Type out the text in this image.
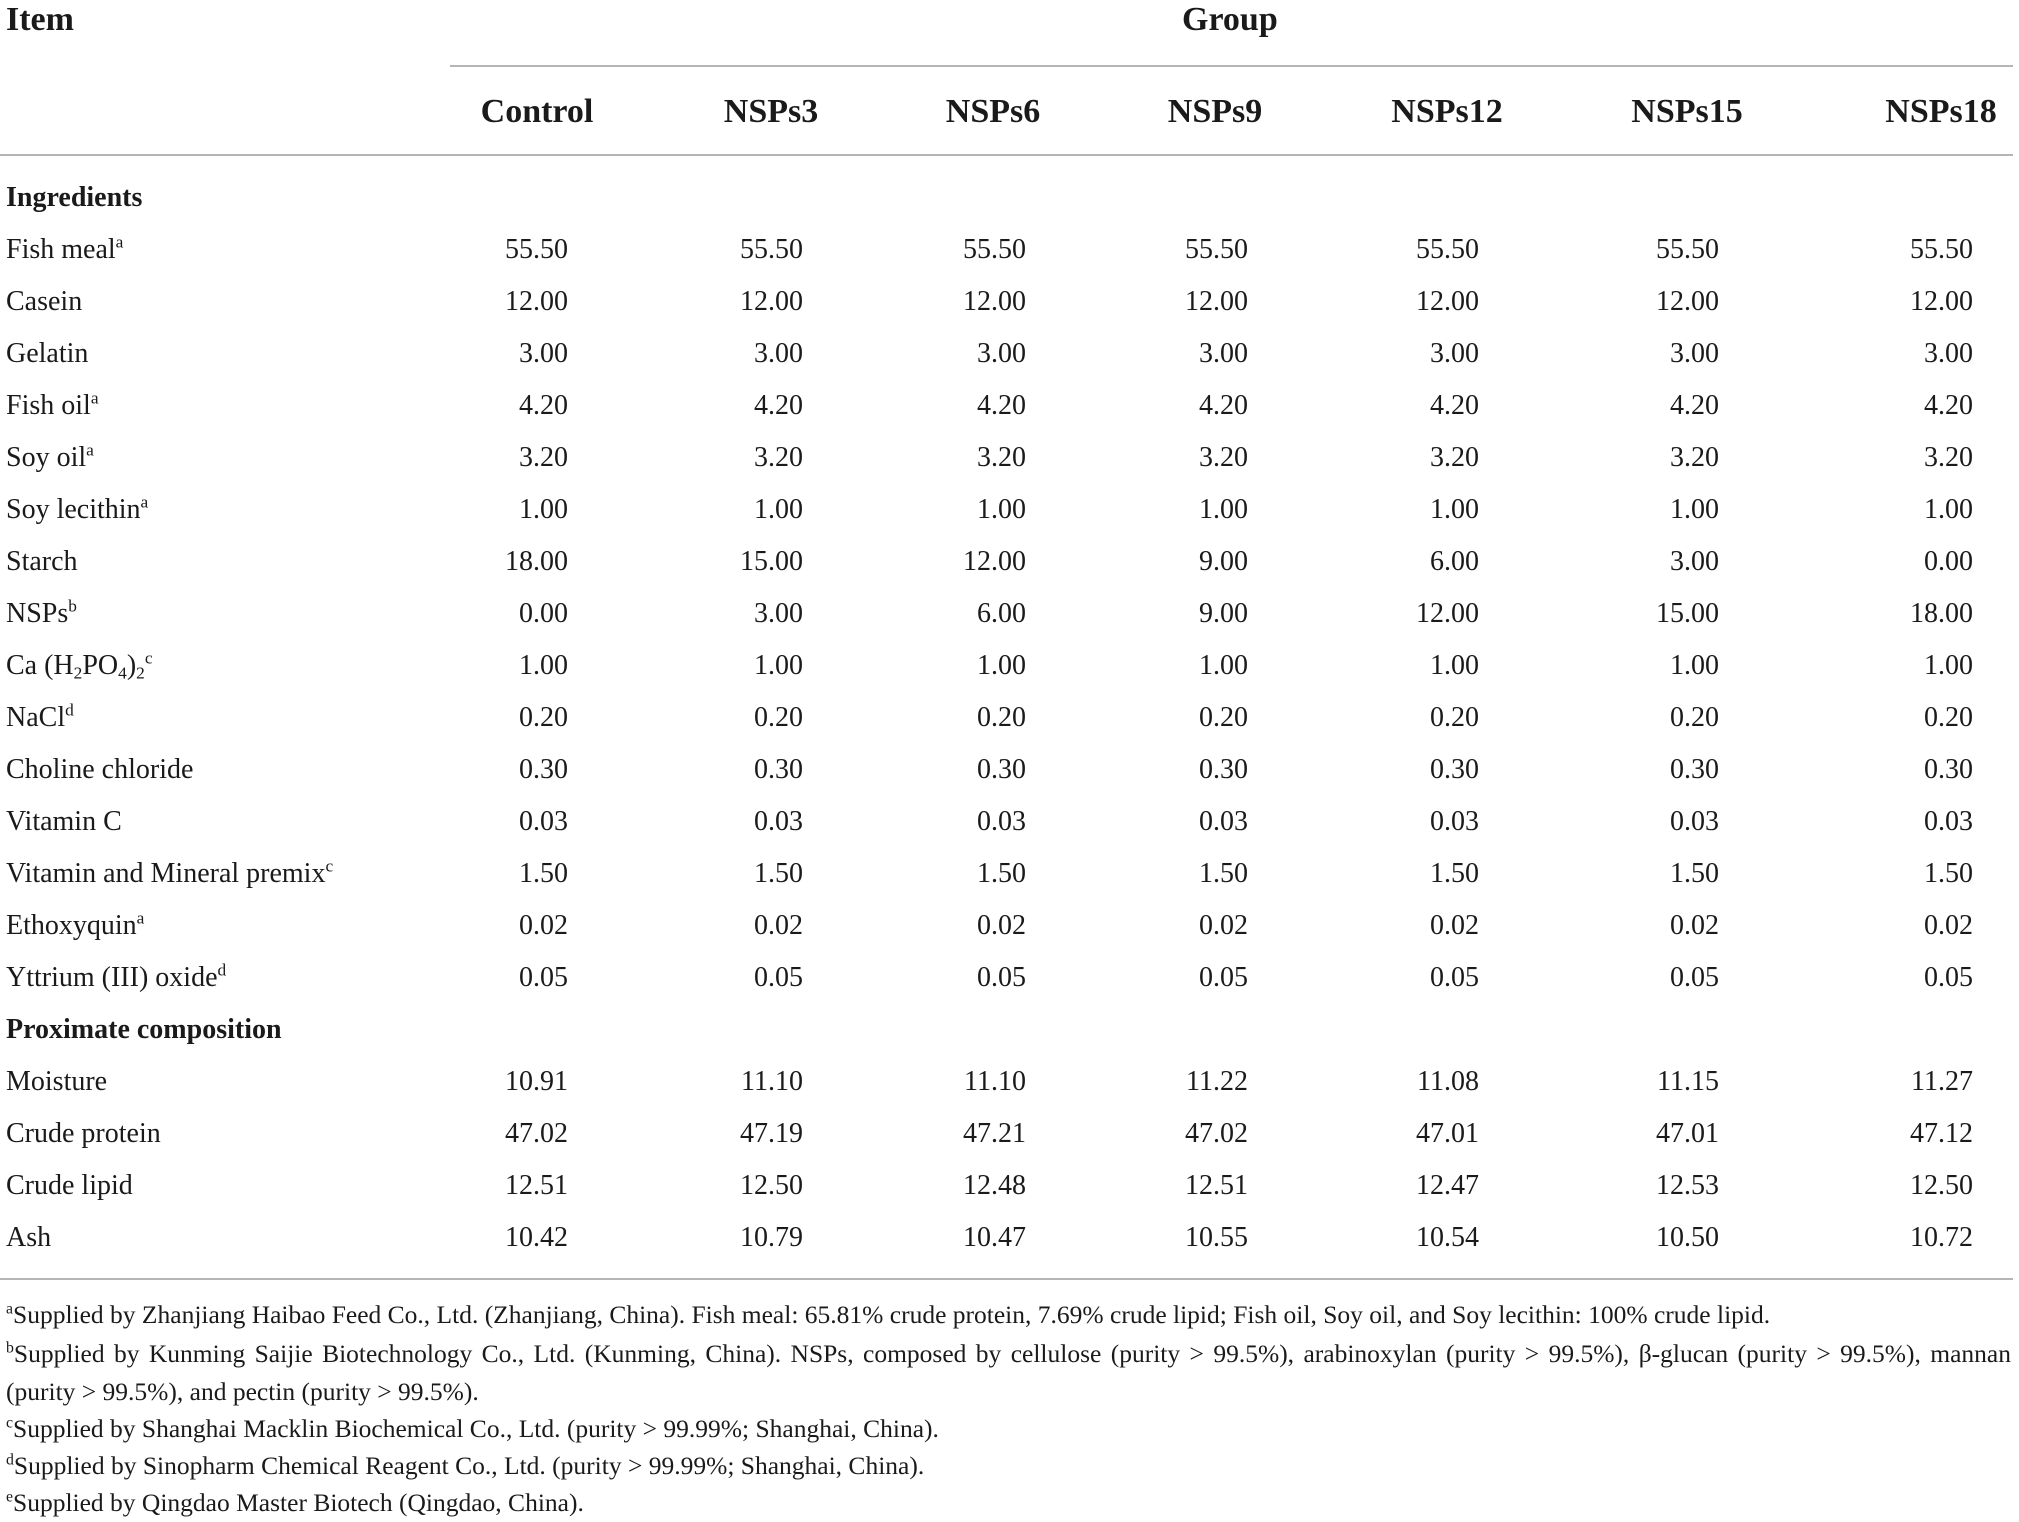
Item	Group
Control	NSPs3	NSPs6	NSPs9	NSPs12	NSPs15	NSPs18
Ingredients
Fish meal$^a$	55.50	55.50	55.50	55.50	55.50	55.50	55.50
Casein	12.00	12.00	12.00	12.00	12.00	12.00	12.00
Gelatin	3.00	3.00	3.00	3.00	3.00	3.00	3.00
Fish oil$^a$	4.20	4.20	4.20	4.20	4.20	4.20	4.20
Soy oil$^a$	3.20	3.20	3.20	3.20	3.20	3.20	3.20
Soy lecithin$^a$	1.00	1.00	1.00	1.00	1.00	1.00	1.00
Starch	18.00	15.00	12.00	9.00	6.00	3.00	0.00
NSPs$^b$	0.00	3.00	6.00	9.00	12.00	15.00	18.00
Ca $(H_2PO_4)_2^c$	1.00	1.00	1.00	1.00	1.00	1.00	1.00
NaCl$^d$	0.20	0.20	0.20	0.20	0.20	0.20	0.20
Choline chloride	0.30	0.30	0.30	0.30	0.30	0.30	0.30
Vitamin C	0.03	0.03	0.03	0.03	0.03	0.03	0.03
Vitamin and Mineral premix$^c$	1.50	1.50	1.50	1.50	1.50	1.50	1.50
Ethoxyquin$^a$	0.02	0.02	0.02	0.02	0.02	0.02	0.02
Yttrium (III) oxide$^d$	0.05	0.05	0.05	0.05	0.05	0.05	0.05
Proximate composition
Moisture	10.91	11.10	11.10	11.22	11.08	11.15	11.27
Crude protein	47.02	47.19	47.21	47.02	47.01	47.01	47.12
Crude lipid	12.51	12.50	12.48	12.51	12.47	12.53	12.50
Ash	10.42	10.79	10.47	10.55	10.54	10.50	10.72
$^a$Supplied by Zhanjiang Haibao Feed Co., Ltd. (Zhanjiang, China). Fish meal: 65.81% crude protein, 7.69% crude lipid; Fish oil, Soy oil, and Soy lecithin: 100% crude lipid.
$^b$Supplied by Kunming Saijie Biotechnology Co., Ltd. (Kunming, China). NSPs, composed by cellulose (purity > 99.5%), arabinoxylan (purity > 99.5%), β-glucan (purity > 99.5%), mannan (purity > 99.5%), and pectin (purity > 99.5%).
$^c$Supplied by Shanghai Macklin Biochemical Co., Ltd. (purity > 99.99%; Shanghai, China).
$^d$Supplied by Sinopharm Chemical Reagent Co., Ltd. (purity > 99.99%; Shanghai, China).
$^e$Supplied by Qingdao Master Biotech (Qingdao, China).
